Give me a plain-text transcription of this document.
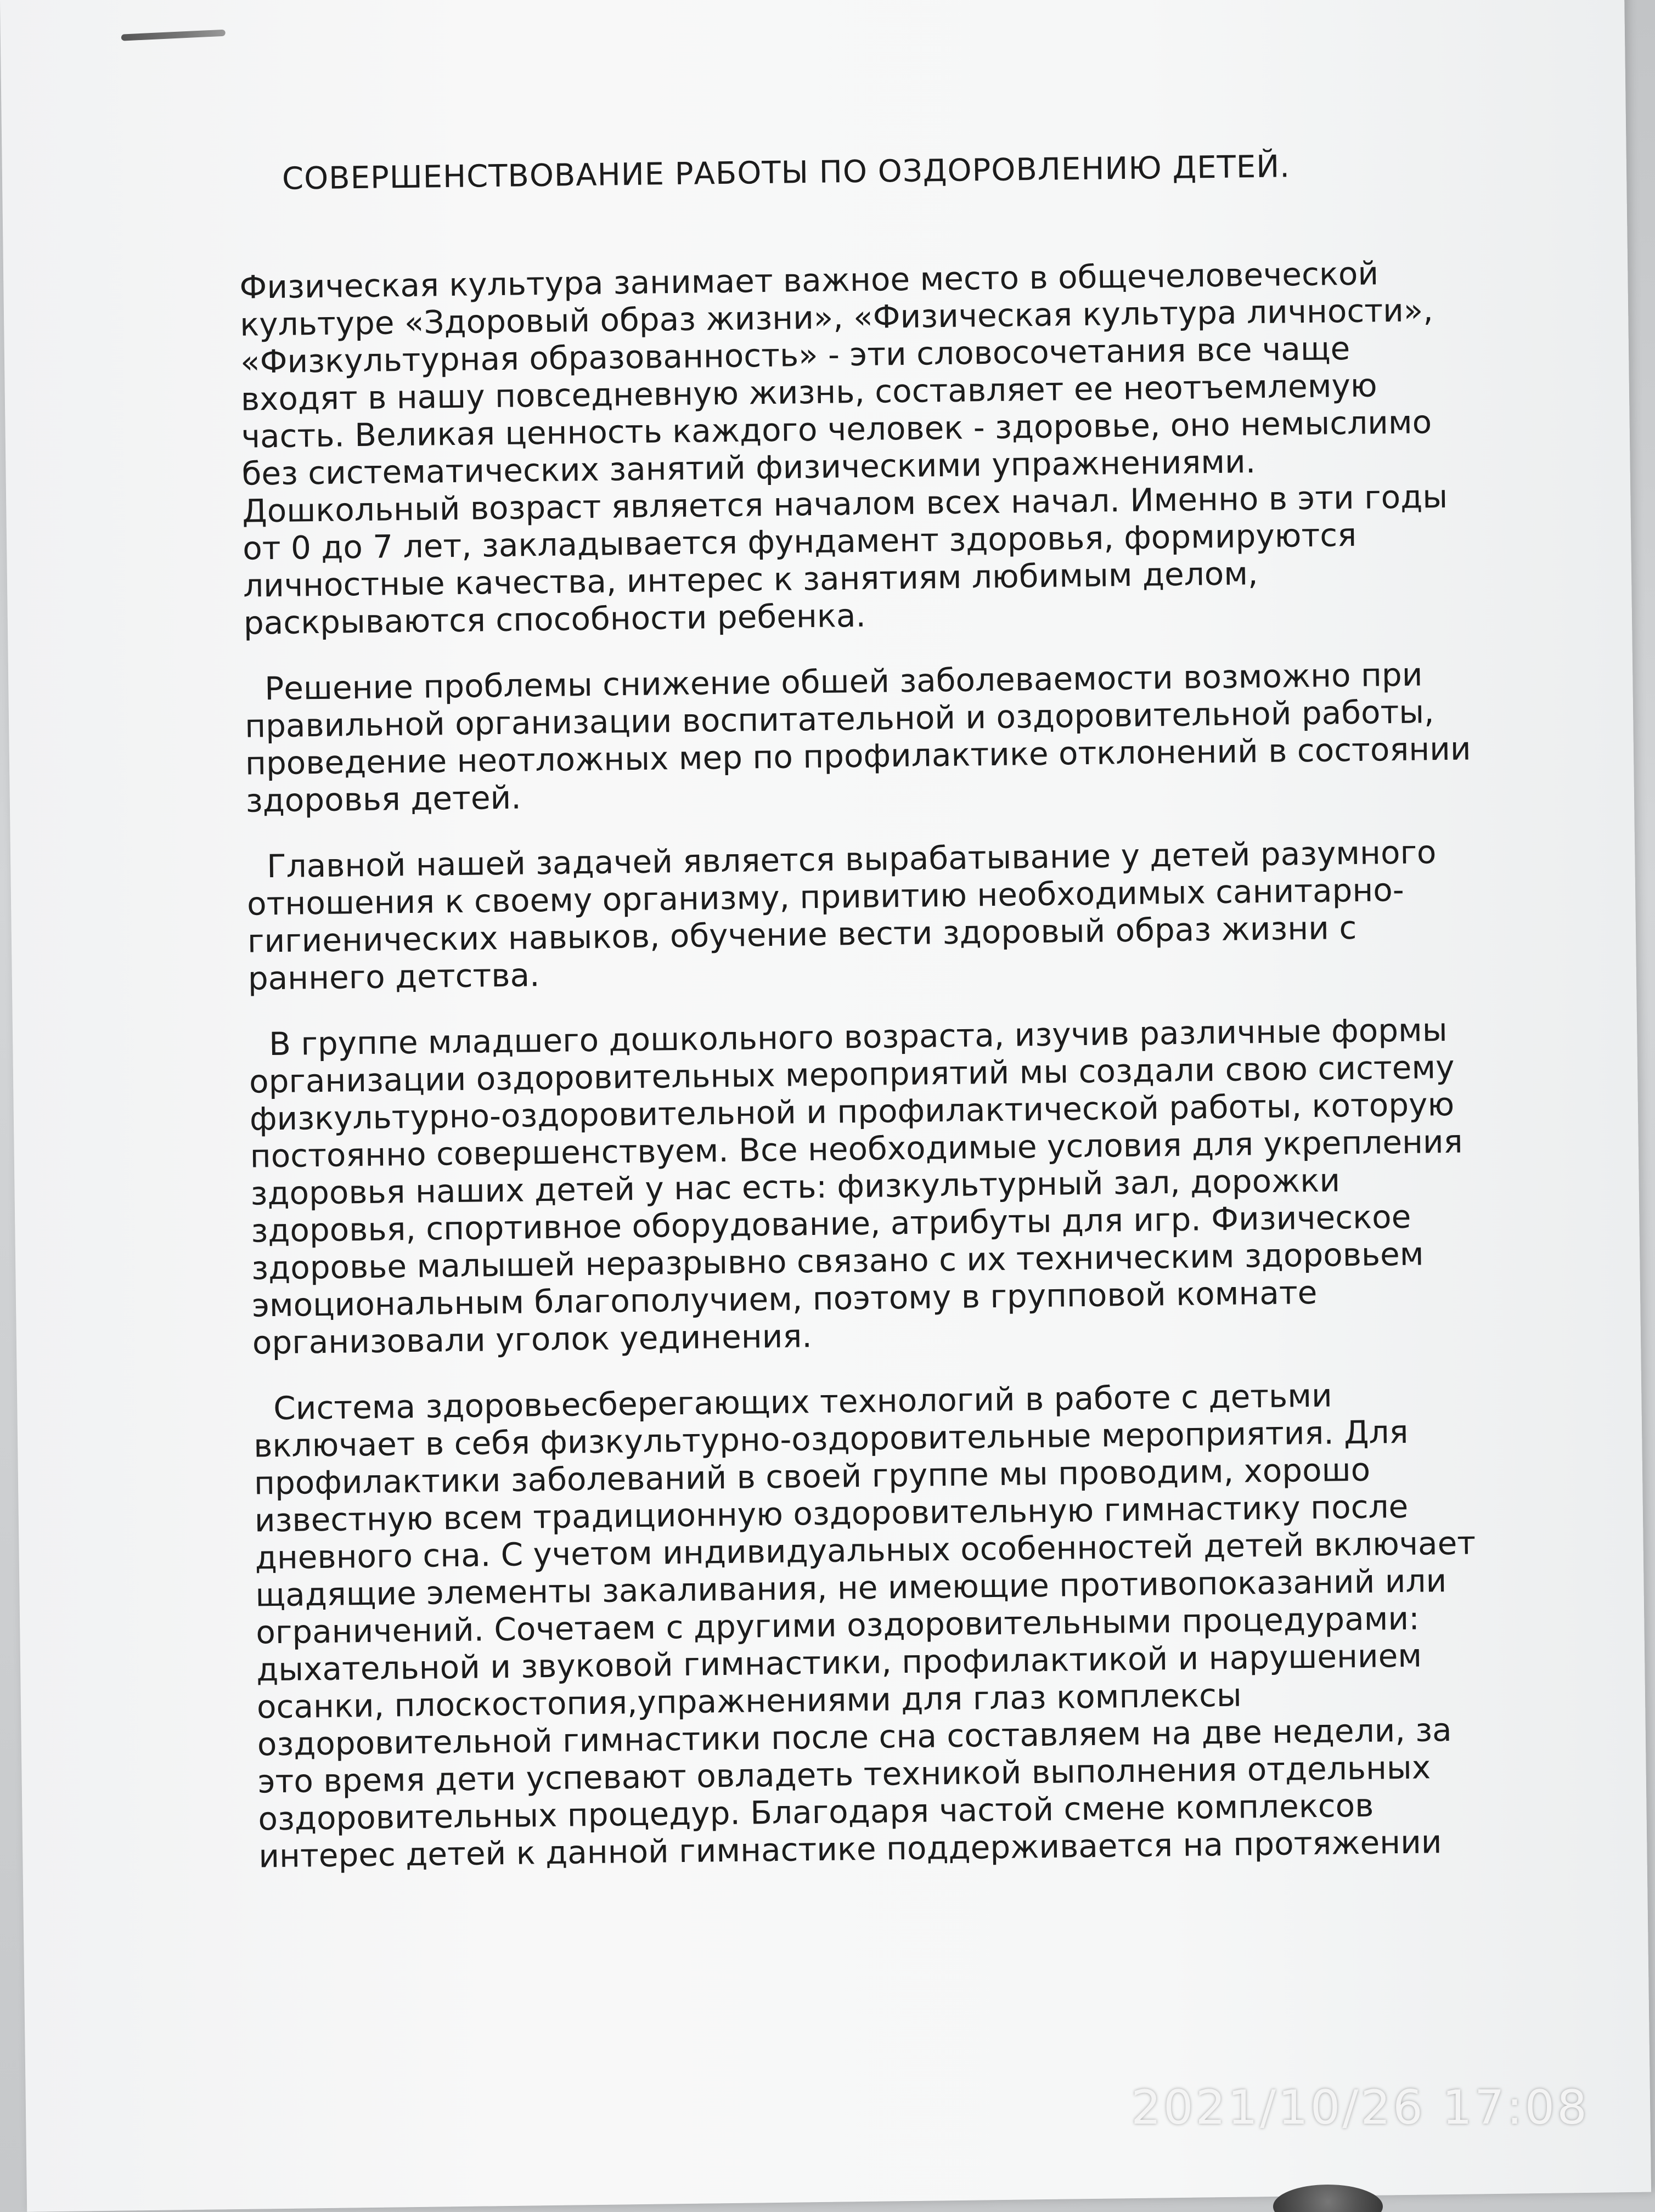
СОВЕРШЕНСТВОВАНИЕ РАБОТЫ ПО ОЗДОРОВЛЕНИЮ ДЕТЕЙ.
Физическая культура занимает важное место в общечеловеческой
культуре «Здоровый образ жизни», «Физическая культура личности»,
«Физкультурная образованность» - эти словосочетания все чаще
входят в нашу повседневную жизнь, составляет ее неотъемлемую
часть. Великая ценность каждого человек - здоровье, оно немыслимо
без систематических занятий физическими упражнениями.
Дошкольный возраст является началом всех начал. Именно в эти годы
от 0 до 7 лет, закладывается фундамент здоровья, формируются
личностные качества, интерес к занятиям любимым делом,
раскрываются способности ребенка.
Решение проблемы снижение обшей заболеваемости возможно при
правильной организации воспитательной и оздоровительной работы,
проведение неотложных мер по профилактике отклонений в состоянии
здоровья детей.
Главной нашей задачей является вырабатывание у детей разумного
отношения к своему организму, привитию необходимых санитарно-
гигиенических навыков, обучение вести здоровый образ жизни с
раннего детства.
В группе младшего дошкольного возраста, изучив различные формы
организации оздоровительных мероприятий мы создали свою систему
физкультурно-оздоровительной и профилактической работы, которую
постоянно совершенствуем. Все необходимые условия для укрепления
здоровья наших детей у нас есть: физкультурный зал, дорожки
здоровья, спортивное оборудование, атрибуты для игр. Физическое
здоровье малышей неразрывно связано с их техническим здоровьем
эмоциональным благополучием, поэтому в групповой комнате
организовали уголок уединения.
Система здоровьесберегающих технологий в работе с детьми
включает в себя физкультурно-оздоровительные мероприятия. Для
профилактики заболеваний в своей группе мы проводим, хорошо
известную всем традиционную оздоровительную гимнастику после
дневного сна. С учетом индивидуальных особенностей детей включает
щадящие элементы закаливания, не имеющие противопоказаний или
ограничений. Сочетаем с другими оздоровительными процедурами:
дыхательной и звуковой гимнастики, профилактикой и нарушением
осанки, плоскостопия,упражнениями для глаз комплексы
оздоровительной гимнастики после сна составляем на две недели, за
это время дети успевают овладеть техникой выполнения отдельных
оздоровительных процедур. Благодаря частой смене комплексов
интерес детей к данной гимнастике поддерживается на протяжении
2021/10/26 17:08
